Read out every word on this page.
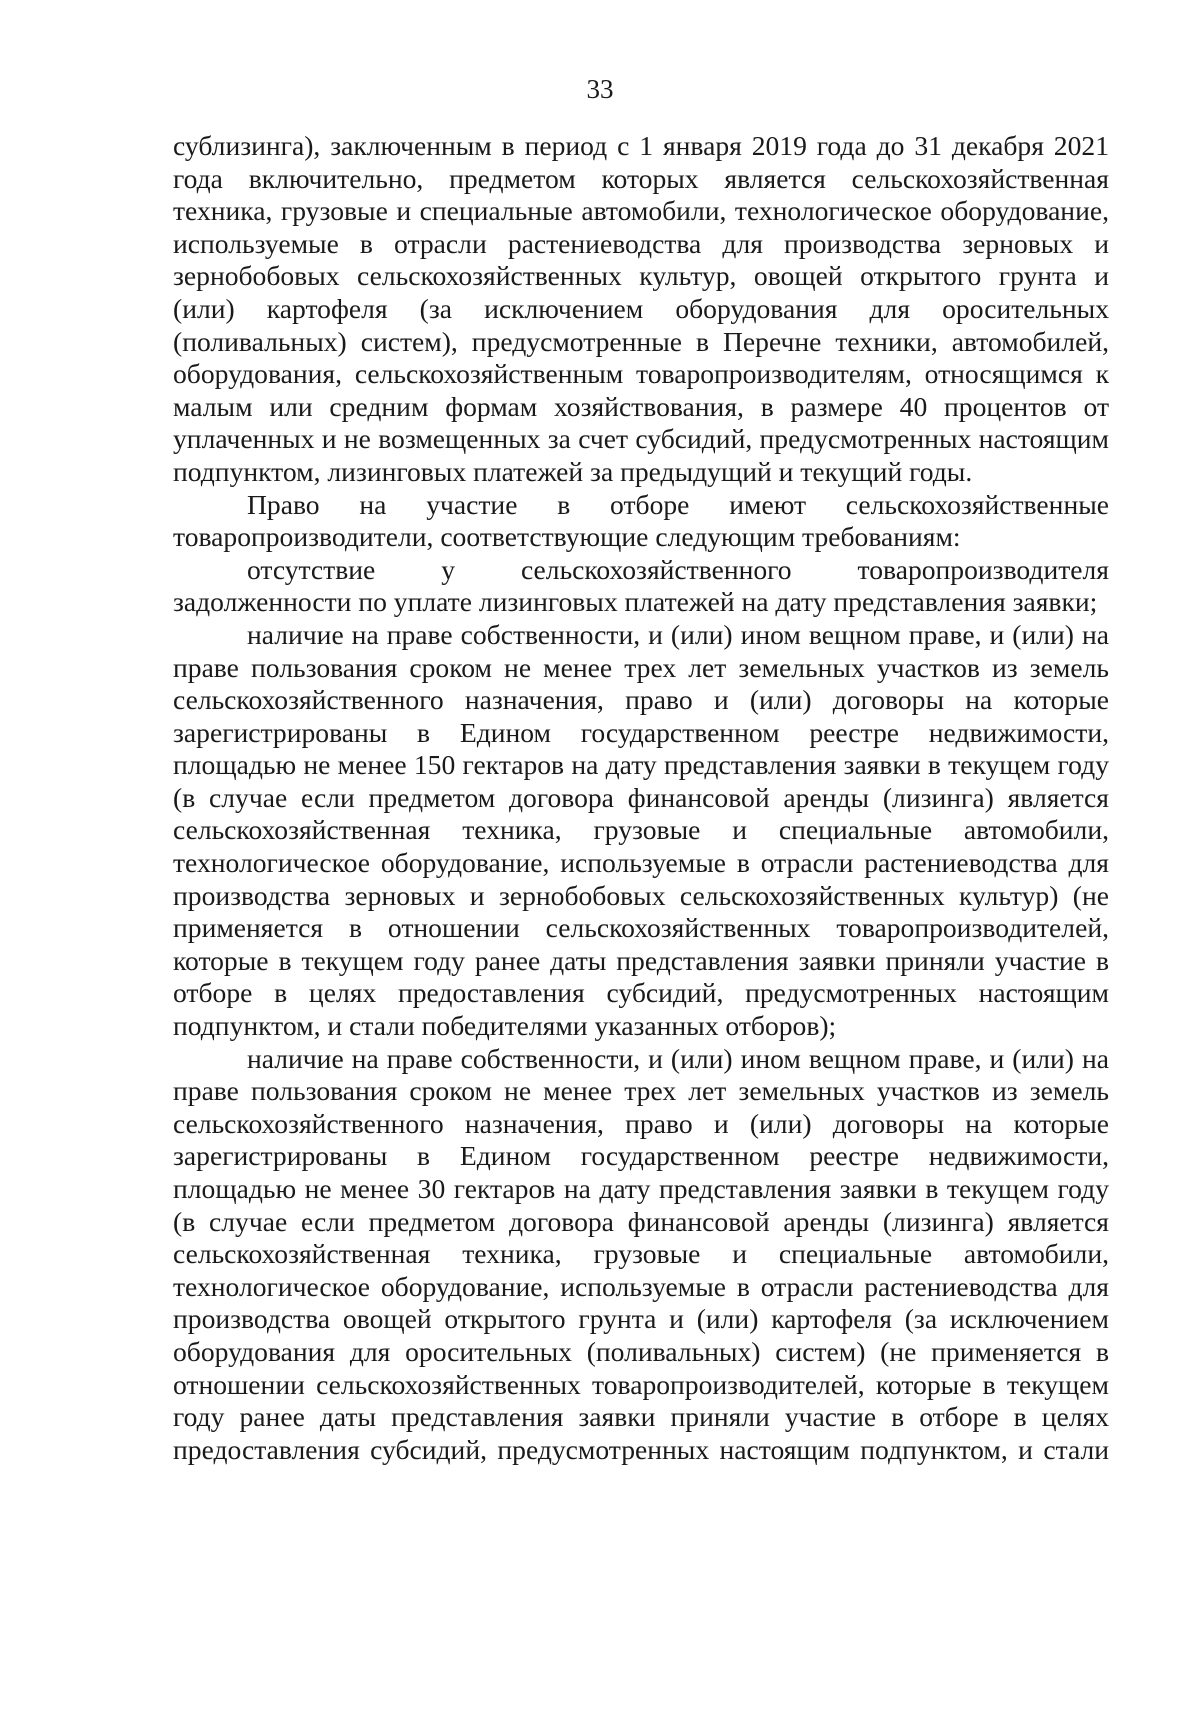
33

сублизинга), заключенным в период с 1 января 2019 года до 31 декабря 2021 года включительно, предметом которых является сельскохозяйственная техника, грузовые и специальные автомобили, технологическое оборудование, используемые в отрасли растениеводства для производства зерновых и зернобобовых сельскохозяйственных культур, овощей открытого грунта и (или) картофеля (за исключением оборудования для оросительных (поливальных) систем), предусмотренные в Перечне техники, автомобилей, оборудования, сельскохозяйственным товаропроизводителям, относящимся к малым или средним формам хозяйствования, в размере 40 процентов от уплаченных и не возмещенных за счет субсидий, предусмотренных настоящим подпунктом, лизинговых платежей за предыдущий и текущий годы.

Право на участие в отборе имеют сельскохозяйственные товаропроизводители, соответствующие следующим требованиям:

отсутствие у сельскохозяйственного товаропроизводителя задолженности по уплате лизинговых платежей на дату представления заявки;

наличие на праве собственности, и (или) ином вещном праве, и (или) на праве пользования сроком не менее трех лет земельных участков из земель сельскохозяйственного назначения, право и (или) договоры на которые зарегистрированы в Едином государственном реестре недвижимости, площадью не менее 150 гектаров на дату представления заявки в текущем году (в случае если предметом договора финансовой аренды (лизинга) является сельскохозяйственная техника, грузовые и специальные автомобили, технологическое оборудование, используемые в отрасли растениеводства для производства зерновых и зернобобовых сельскохозяйственных культур) (не применяется в отношении сельскохозяйственных товаропроизводителей, которые в текущем году ранее даты представления заявки приняли участие в отборе в целях предоставления субсидий, предусмотренных настоящим подпунктом, и стали победителями указанных отборов);

наличие на праве собственности, и (или) ином вещном праве, и (или) на праве пользования сроком не менее трех лет земельных участков из земель сельскохозяйственного назначения, право и (или) договоры на которые зарегистрированы в Едином государственном реестре недвижимости, площадью не менее 30 гектаров на дату представления заявки в текущем году (в случае если предметом договора финансовой аренды (лизинга) является сельскохозяйственная техника, грузовые и специальные автомобили, технологическое оборудование, используемые в отрасли растениеводства для производства овощей открытого грунта и (или) картофеля (за исключением оборудования для оросительных (поливальных) систем) (не применяется в отношении сельскохозяйственных товаропроизводителей, которые в текущем году ранее даты представления заявки приняли участие в отборе в целях предоставления субсидий, предусмотренных настоящим подпунктом, и стали
